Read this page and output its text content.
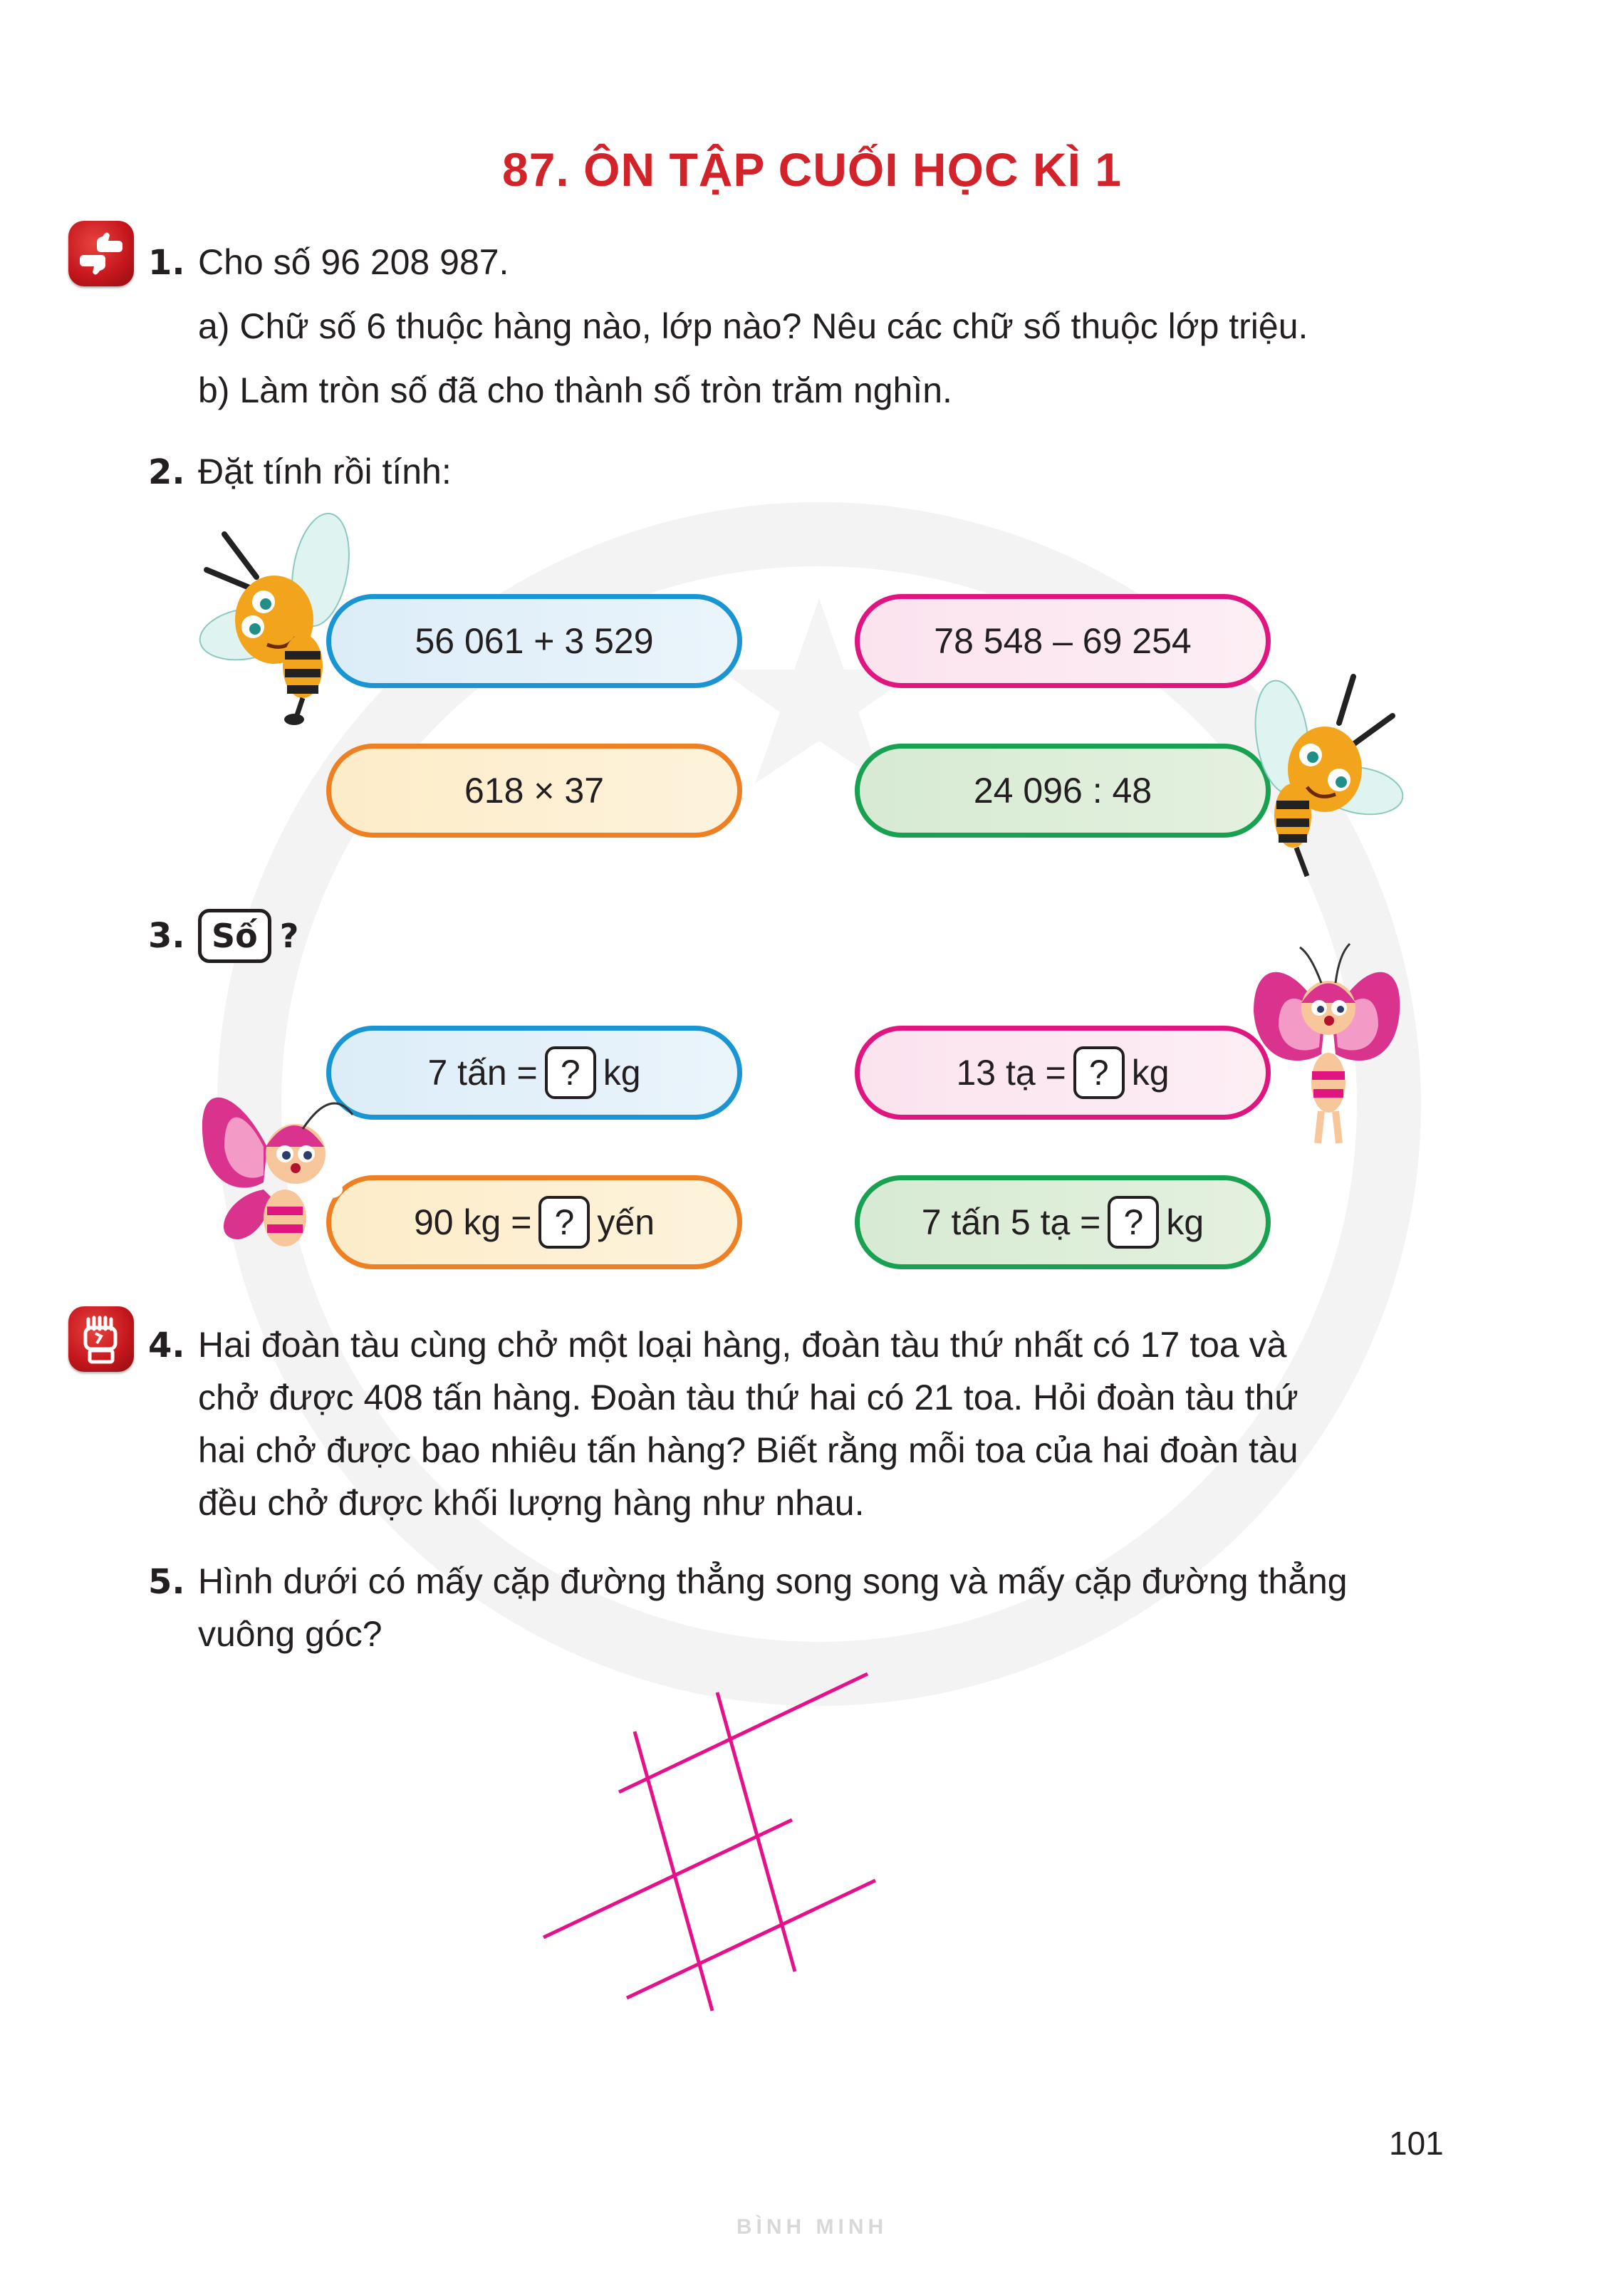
BÌNH MINH
87. ÔN TẬP CUỐI HỌC KÌ 1
1. Cho số 96 208 987.
a) Chữ số 6 thuộc hàng nào, lớp nào? Nêu các chữ số thuộc lớp triệu.
b) Làm tròn số đã cho thành số tròn trăm nghìn.
2. Đặt tính rồi tính:
56 061 + 3 529	78 548 – 69 254
618 × 37	24 096 : 48
3. Số ?
7 tấn = ? kg	13 tạ = ? kg
90 kg = ? yến	7 tấn 5 tạ = ? kg
4. Hai đoàn tàu cùng chở một loại hàng, đoàn tàu thứ nhất có 17 toa và
chở được 408 tấn hàng. Đoàn tàu thứ hai có 21 toa. Hỏi đoàn tàu thứ
hai chở được bao nhiêu tấn hàng? Biết rằng mỗi toa của hai đoàn tàu
đều chở được khối lượng hàng như nhau.
5. Hình dưới có mấy cặp đường thẳng song song và mấy cặp đường thẳng
vuông góc?
101
